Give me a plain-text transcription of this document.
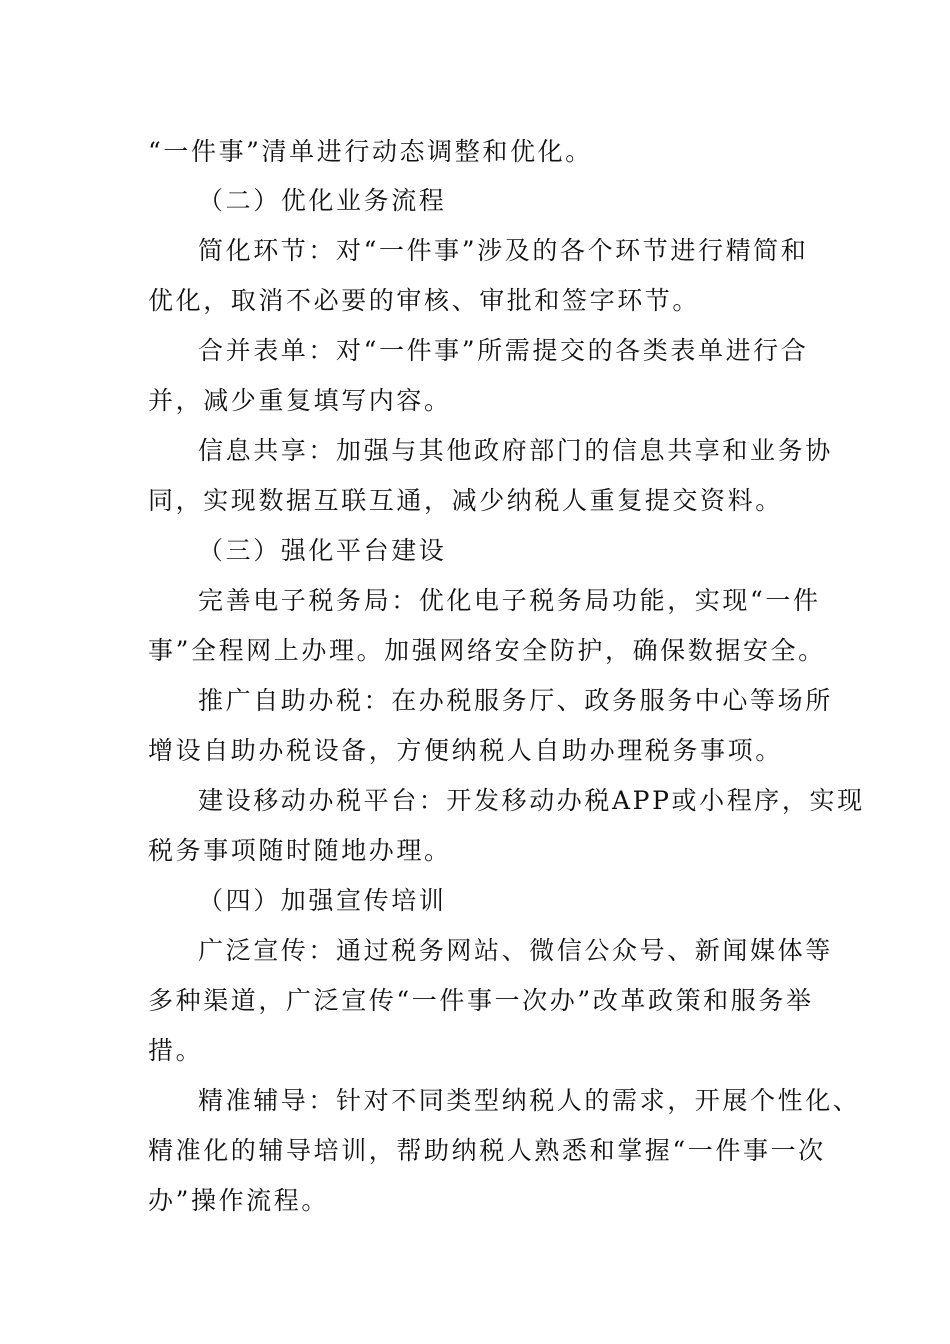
“一件事”清单进行动态调整和优化。
（二）优化业务流程
简化环节：对“一件事”涉及的各个环节进行精简和
优化，取消不必要的审核、审批和签字环节。
合并表单：对“一件事”所需提交的各类表单进行合
并，减少重复填写内容。
信息共享：加强与其他政府部门的信息共享和业务协
同，实现数据互联互通，减少纳税人重复提交资料。
（三）强化平台建设
完善电子税务局：优化电子税务局功能，实现“一件
事”全程网上办理。加强网络安全防护，确保数据安全。
推广自助办税：在办税服务厅、政务服务中心等场所
增设自助办税设备，方便纳税人自助办理税务事项。
建设移动办税平台：开发移动办税APP或小程序，实现
税务事项随时随地办理。
（四）加强宣传培训
广泛宣传：通过税务网站、微信公众号、新闻媒体等
多种渠道，广泛宣传“一件事一次办”改革政策和服务举
措。
精准辅导：针对不同类型纳税人的需求，开展个性化、
精准化的辅导培训，帮助纳税人熟悉和掌握“一件事一次
办”操作流程。
